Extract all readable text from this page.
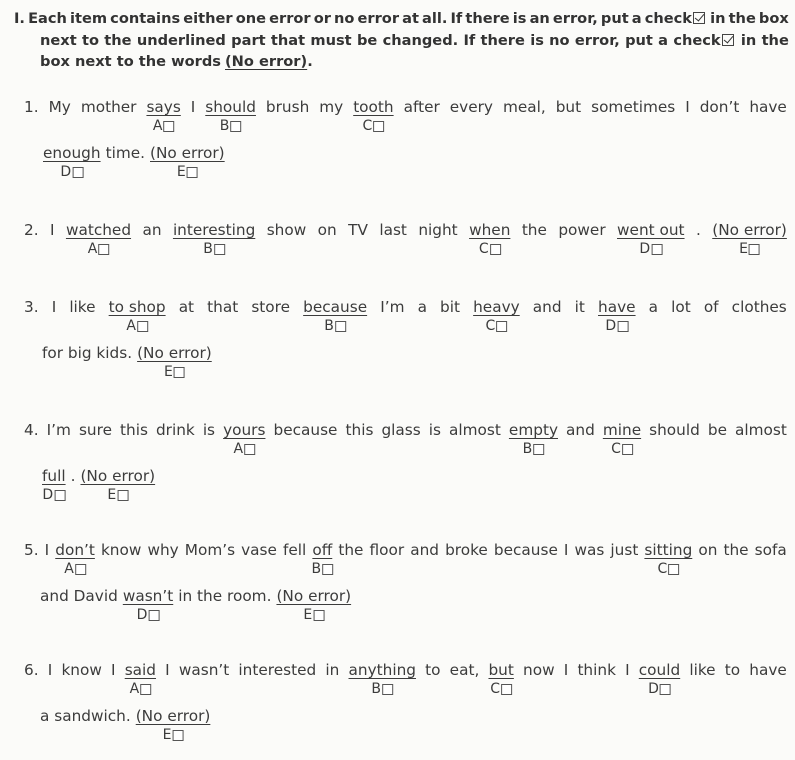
I. Each item contains either one error or no error at all. If there is an error, put a check	in the box
next to the underlined part that must be changed. If there is no error, put a check	in the
box next to the words (No error) .
1. My mother says
A
I should
B
brush my tooth
C
after every meal, but sometimes I don’t have
enough
D
time. (No error)
E
2. I watched
A
an interesting
B
show on TV last night when
C
the power went out
D
. (No error)
E
3. I like to shop
A
at that store because
B
I’m a bit heavy
C
and it have
D
a lot of clothes
for big kids. (No error)
E
4. I’m sure this drink is yours
A
because this glass is almost empty
B
and mine
C
should be almost
full
D
. (No error)
E
5. I don’t
A
know why Mom’s vase fell off
B
the floor and broke because I was just sitting
C
on the sofa
and David wasn’t
D
in the room. (No error)
E
6. I know I said
A
I wasn’t interested in anything
B
to eat, but
C
now I think I could
D
like to have
a sandwich. (No error)
E
